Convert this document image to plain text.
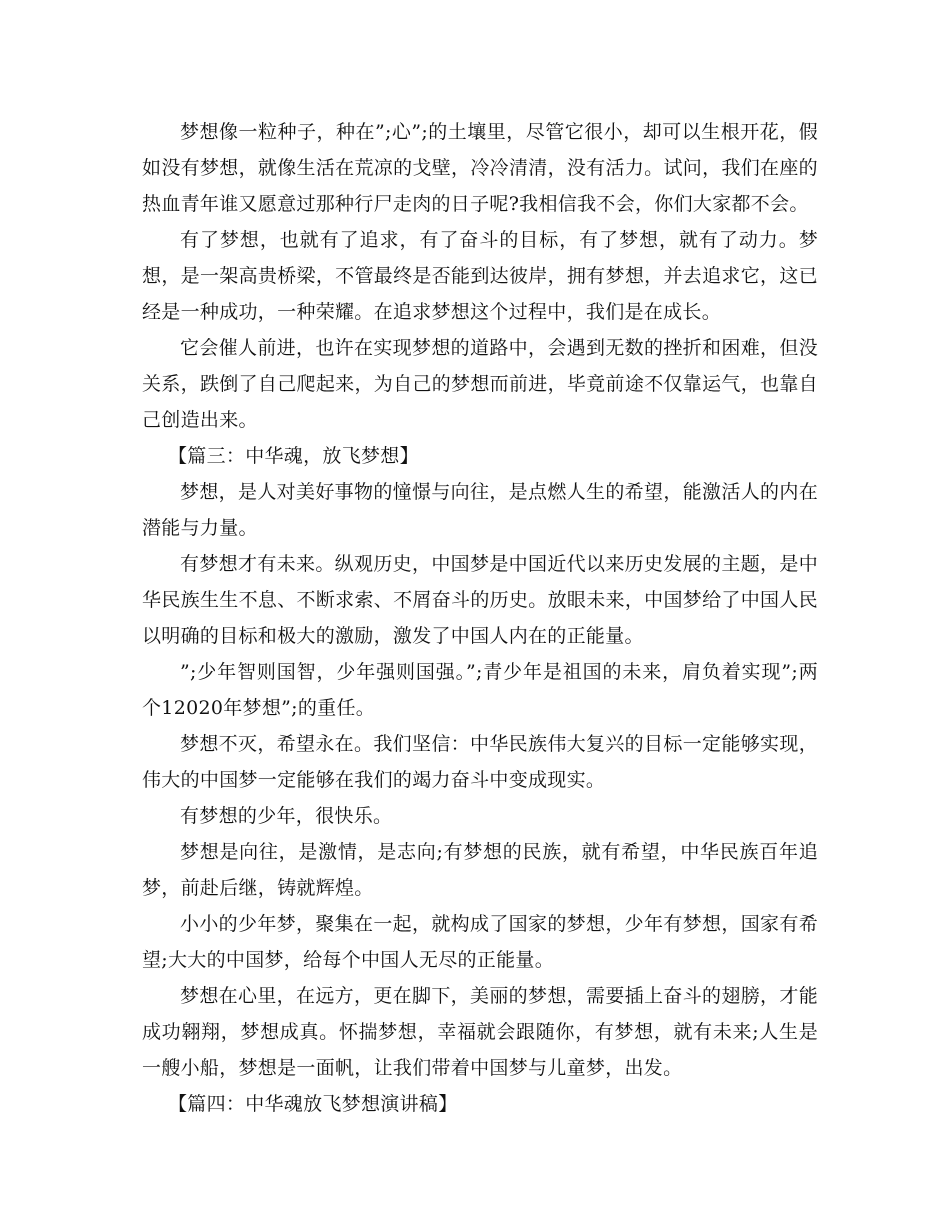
梦想像一粒种子，种在”;心”;的土壤里，尽管它很小，却可以生根开花，假如没有梦想，就像生活在荒凉的戈壁，冷冷清清，没有活力。试问，我们在座的热血青年谁又愿意过那种行尸走肉的日子呢?我相信我不会，你们大家都不会。

有了梦想，也就有了追求，有了奋斗的目标，有了梦想，就有了动力。梦想，是一架高贵桥梁，不管最终是否能到达彼岸，拥有梦想，并去追求它，这已经是一种成功，一种荣耀。在追求梦想这个过程中，我们是在成长。

它会催人前进，也许在实现梦想的道路中，会遇到无数的挫折和困难，但没关系，跌倒了自己爬起来，为自己的梦想而前进，毕竟前途不仅靠运气，也靠自己创造出来。

【篇三：中华魂，放飞梦想】

梦想，是人对美好事物的憧憬与向往，是点燃人生的希望，能激活人的内在潜能与力量。

有梦想才有未来。纵观历史，中国梦是中国近代以来历史发展的主题，是中华民族生生不息、不断求索、不屑奋斗的历史。放眼未来，中国梦给了中国人民以明确的目标和极大的激励，激发了中国人内在的正能量。

”;少年智则国智，少年强则国强。”;青少年是祖国的未来，肩负着实现”;两个12020年梦想”;的重任。

梦想不灭，希望永在。我们坚信：中华民族伟大复兴的目标一定能够实现，伟大的中国梦一定能够在我们的竭力奋斗中变成现实。

有梦想的少年，很快乐。

梦想是向往，是激情，是志向;有梦想的民族，就有希望，中华民族百年追梦，前赴后继，铸就辉煌。

小小的少年梦，聚集在一起，就构成了国家的梦想，少年有梦想，国家有希望;大大的中国梦，给每个中国人无尽的正能量。

梦想在心里，在远方，更在脚下，美丽的梦想，需要插上奋斗的翅膀，才能成功翱翔，梦想成真。怀揣梦想，幸福就会跟随你，有梦想，就有未来;人生是一艘小船，梦想是一面帆，让我们带着中国梦与儿童梦，出发。

【篇四：中华魂放飞梦想演讲稿】
